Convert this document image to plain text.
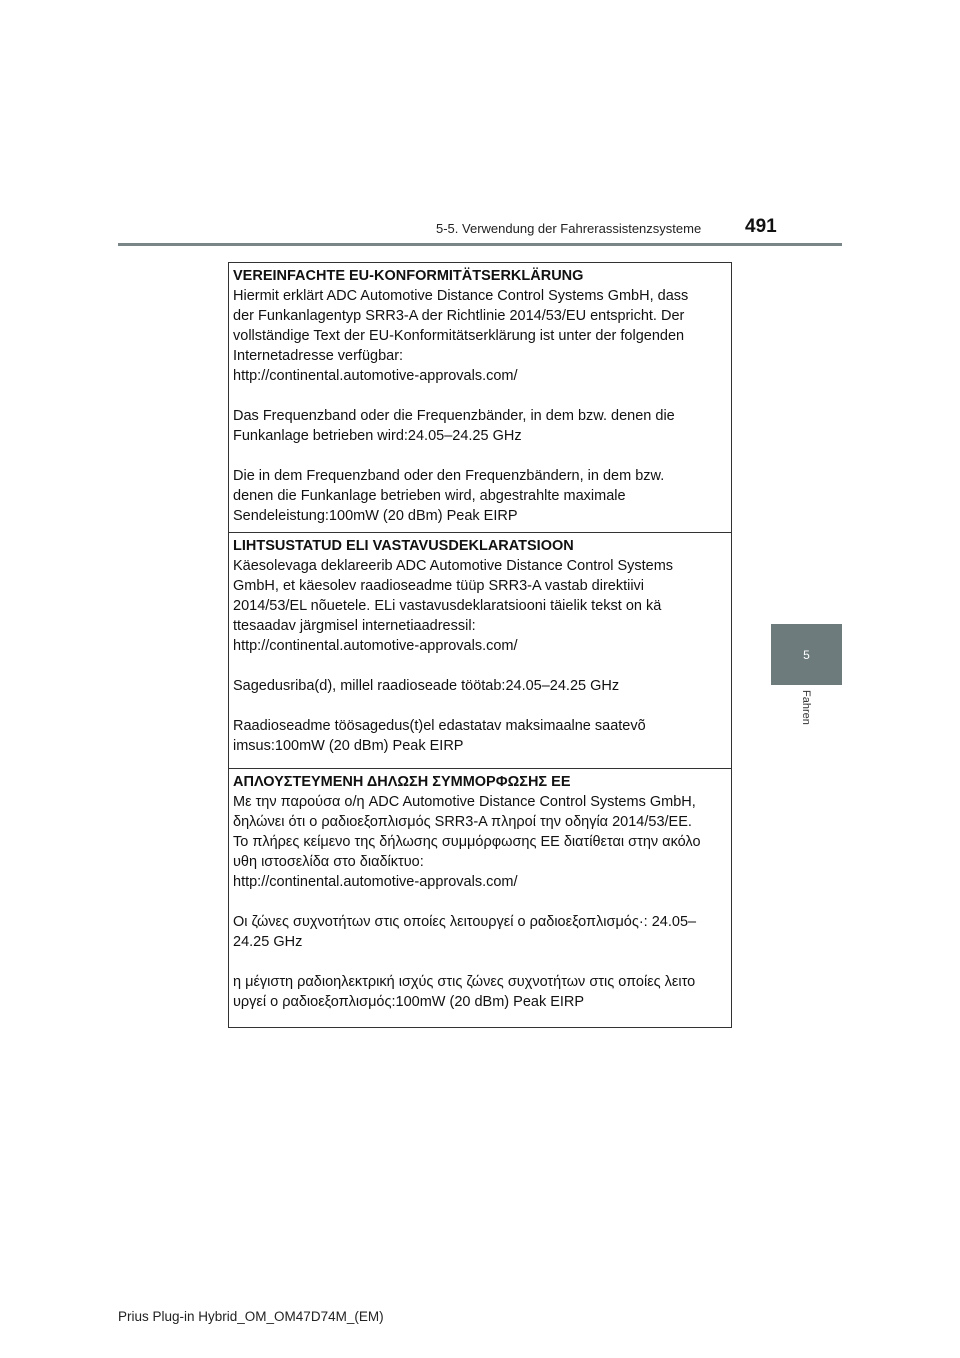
5-5. Verwendung der Fahrerassistenzsysteme 491
5
Fahren

VEREINFACHTE EU-KONFORMITÄTSERKLÄRUNG

Hiermit erklärt ADC Automotive Distance Control Systems GmbH, dass

der Funkanlagentyp SRR3-A der Richtlinie 2014/53/EU entspricht. Der

vollständige Text der EU-Konformitätserklärung ist unter der folgenden

Internetadresse verfügbar:

http://continental.automotive-approvals.com/

Das Frequenzband oder die Frequenzbänder, in dem bzw. denen die

Funkanlage betrieben wird:24.05–24.25 GHz

Die in dem Frequenzband oder den Frequenzbändern, in dem bzw.

denen die Funkanlage betrieben wird, abgestrahlte maximale

Sendeleistung:100mW (20 dBm) Peak EIRP

LIHTSUSTATUD ELI VASTAVUSDEKLARATSIOON

Käesolevaga deklareerib ADC Automotive Distance Control Systems

GmbH, et käesolev raadioseadme tüüp SRR3-A vastab direktiivi

2014/53/EL nõuetele. ELi vastavusdeklaratsiooni täielik tekst on kä

ttesaadav järgmisel internetiaadressil:

http://continental.automotive-approvals.com/

Sagedusriba(d), millel raadioseade töötab:24.05–24.25 GHz

Raadioseadme töösagedus(t)el edastatav maksimaalne saatevõ

imsus:100mW (20 dBm) Peak EIRP

ΑΠΛΟΥΣΤΕΥΜΕΝΗ ΔΗΛΩΣΗ ΣΥΜΜΟΡΦΩΣΗΣ ΕΕ

Με την παρούσα ο/η ADC Automotive Distance Control Systems GmbH,

δηλώνει ότι ο ραδιοεξοπλισμός SRR3-A πληροί την οδηγία 2014/53/EE.

Το πλήρες κείμενο της δήλωσης συμμόρφωσης ΕΕ διατίθεται στην ακόλο

υθη ιστοσελίδα στο διαδίκτυο:

http://continental.automotive-approvals.com/

Οι ζώνες συχνοτήτων στις οποίες λειτουργεί ο ραδιοεξοπλισμός·: 24.05–

24.25 GHz

η μέγιστη ραδιοηλεκτρική ισχύς στις ζώνες συχνοτήτων στις οποίες λειτο

υργεί ο ραδιοεξοπλισμός:100mW (20 dBm) Peak EIRP

Prius Plug-in Hybrid_OM_OM47D74M_(EM)
